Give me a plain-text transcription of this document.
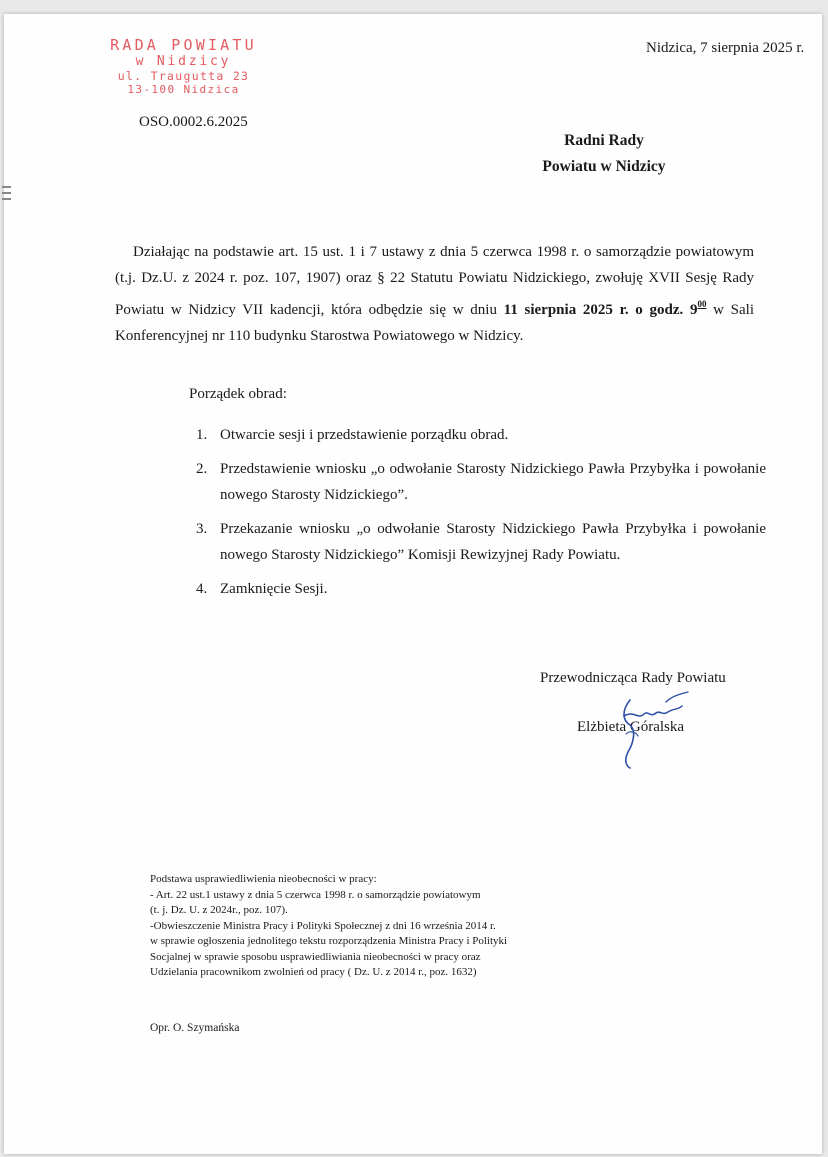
RADA POWIATU
w Nidzicy
ul. Traugutta 23
13-100 Nidzica
Nidzica, 7 sierpnia 2025 r.
OSO.0002.6.2025
Radni Rady
Powiatu w Nidzicy

Działając na podstawie art. 15 ust. 1 i 7 ustawy z dnia 5 czerwca 1998 r. o samorządzie powiatowym (t.j. Dz.U. z 2024 r. poz. 107, 1907) oraz § 22 Statutu Powiatu Nidzickiego, zwołuję XVII Sesję Rady Powiatu w Nidzicy VII kadencji, która odbędzie się w dniu 11 sierpnia 2025 r. o godz. $9^{00}$ w Sali Konferencyjnej nr 110 budynku Starostwa Powiatowego w Nidzicy.

Porządek obrad:
1. Otwarcie sesji i przedstawienie porządku obrad.
2. Przedstawienie wniosku „o odwołanie Starosty Nidzickiego Pawła Przybyłka i powołanie nowego Starosty Nidzickiego”.
3. Przekazanie wniosku „o odwołanie Starosty Nidzickiego Pawła Przybyłka i powołanie nowego Starosty Nidzickiego” Komisji Rewizyjnej Rady Powiatu.
4. Zamknięcie Sesji.
Przewodnicząca Rady Powiatu
Elżbieta Góralska
Podstawa usprawiedliwienia nieobecności w pracy:
- Art. 22 ust.1 ustawy z dnia 5 czerwca 1998 r. o samorządzie powiatowym
(t. j. Dz. U. z 2024r., poz. 107).
-Obwieszczenie Ministra Pracy i Polityki Społecznej z dni 16 września 2014 r.
w sprawie ogłoszenia jednolitego tekstu rozporządzenia Ministra Pracy i Polityki
Socjalnej w sprawie sposobu usprawiedliwiania nieobecności w pracy oraz
Udzielania pracownikom zwolnień od pracy ( Dz. U. z 2014 r., poz. 1632)
Opr. O. Szymańska
